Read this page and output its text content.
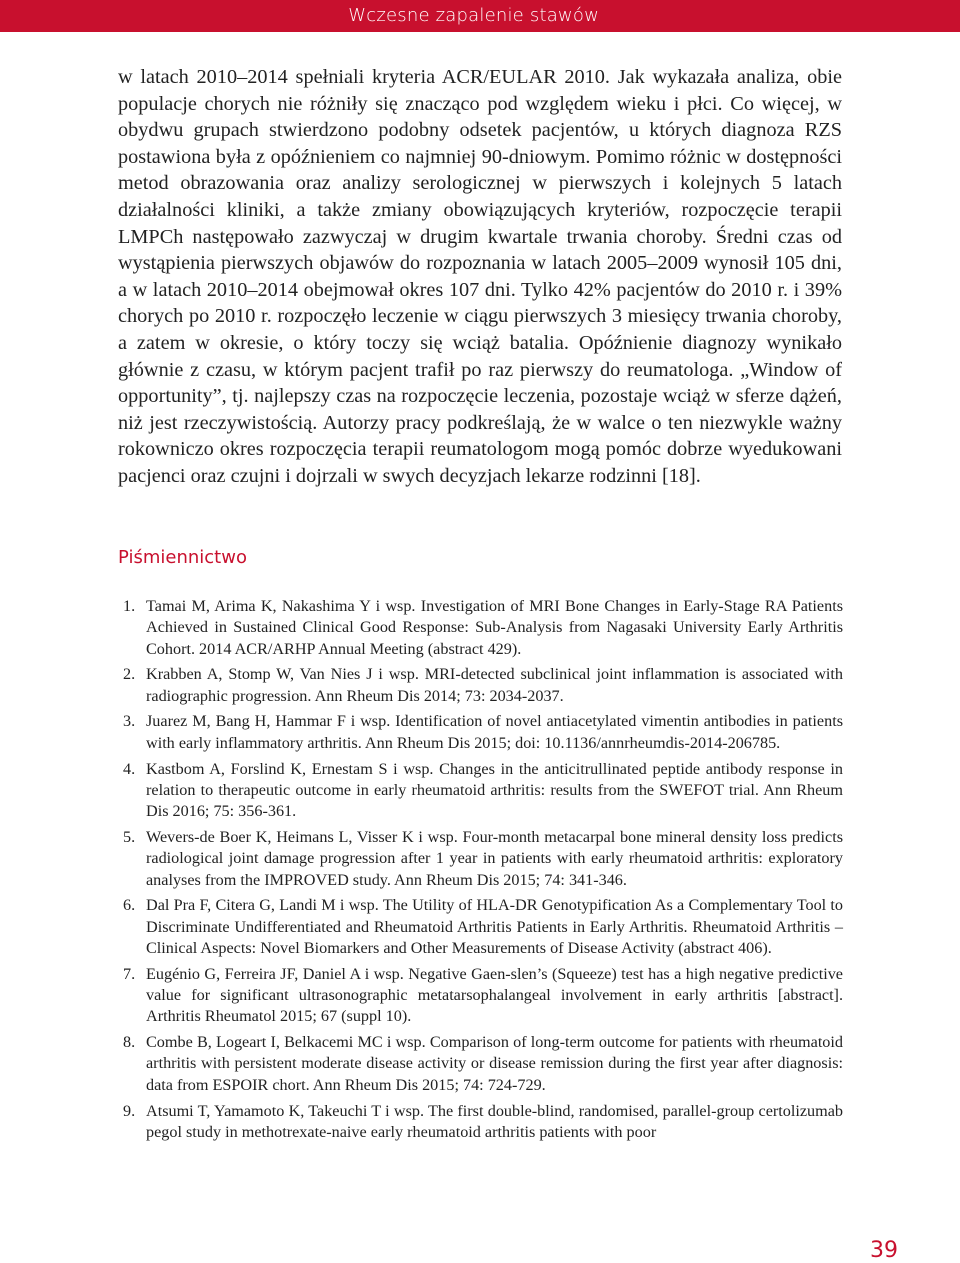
Wczesne zapalenie stawów

w latach 2010–2014 spełniali kryteria ACR/EULAR 2010. Jak wykazała analiza, obie populacje chorych nie różniły się znacząco pod względem wieku i płci. Co więcej, w obydwu grupach stwierdzono podobny odsetek pacjentów, u których diagnoza RZS postawiona była z opóźnieniem co najmniej 90-dniowym. Pomimo różnic w dostępności metod obrazowania oraz analizy serologicznej w pierwszych i kolejnych 5 latach działalności kliniki, a także zmiany obowiązujących kryteriów, rozpoczęcie terapii LMPCh następowało zazwyczaj w drugim kwartale trwania choroby. Średni czas od wystąpienia pierwszych objawów do rozpoznania w latach 2005–2009 wynosił 105 dni, a w latach 2010–2014 obejmował okres 107 dni. Tylko 42% pacjentów do 2010 r. i 39% chorych po 2010 r. rozpoczęło leczenie w ciągu pierwszych 3 miesięcy trwania choroby, a zatem w okresie, o który toczy się wciąż batalia. Opóźnienie diagnozy wynikało głównie z czasu, w którym pacjent trafił po raz pierwszy do reumatologa. „Window of opportunity”, tj. najlepszy czas na rozpoczęcie leczenia, pozostaje wciąż w sferze dążeń, niż jest rzeczywistością. Autorzy pracy podkreślają, że w walce o ten niezwykle ważny rokowniczo okres rozpoczęcia terapii reumatologom mogą pomóc dobrze wyedukowani pacjenci oraz czujni i dojrzali w swych decyzjach lekarze rodzinni [18].

Piśmiennictwo
1. Tamai M, Arima K, Nakashima Y i wsp. Investigation of MRI Bone Changes in Early-Stage RA Patients Achieved in Sustained Clinical Good Response: Sub-Analysis from Nagasaki University Early Arthritis Cohort. 2014 ACR/ARHP Annual Meeting (abstract 429).
2. Krabben A, Stomp W, Van Nies J i wsp. MRI-detected subclinical joint inflammation is associated with radiographic progression. Ann Rheum Dis 2014; 73: 2034-2037.
3. Juarez M, Bang H, Hammar F i wsp. Identification of novel antiacetylated vimentin antibodies in patients with early inflammatory arthritis. Ann Rheum Dis 2015; doi: 10.1136/annrheumdis-2014-206785.
4. Kastbom A, Forslind K, Ernestam S i wsp. Changes in the anticitrullinated peptide antibody response in relation to therapeutic outcome in early rheumatoid arthritis: results from the SWEFOT trial. Ann Rheum Dis 2016; 75: 356-361.
5. Wevers-de Boer K, Heimans L, Visser K i wsp. Four-month metacarpal bone mineral density loss predicts radiological joint damage progression after 1 year in patients with early rheumatoid arthritis: exploratory analyses from the IMPROVED study. Ann Rheum Dis 2015; 74: 341-346.
6. Dal Pra F, Citera G, Landi M i wsp. The Utility of HLA-DR Genotypification As a Complementary Tool to Discriminate Undifferentiated and Rheumatoid Arthritis Patients in Early Arthritis. Rheumatoid Arthritis – Clinical Aspects: Novel Biomarkers and Other Measurements of Disease Activity (abstract 406).
7. Eugénio G, Ferreira JF, Daniel A i wsp. Negative Gaen-slen’s (Squeeze) test has a high negative predictive value for significant ultrasonographic metatarsophalangeal involvement in early arthritis [abstract]. Arthritis Rheumatol 2015; 67 (suppl 10).
8. Combe B, Logeart I, Belkacemi MC i wsp. Comparison of long-term outcome for patients with rheumatoid arthritis with persistent moderate disease activity or disease remission during the first year after diagnosis: data from ESPOIR chort. Ann Rheum Dis 2015; 74: 724-729.
9. Atsumi T, Yamamoto K, Takeuchi T i wsp. The first double-blind, randomised, parallel-group certolizumab pegol study in methotrexate-naive early rheumatoid arthritis patients with poor
39
